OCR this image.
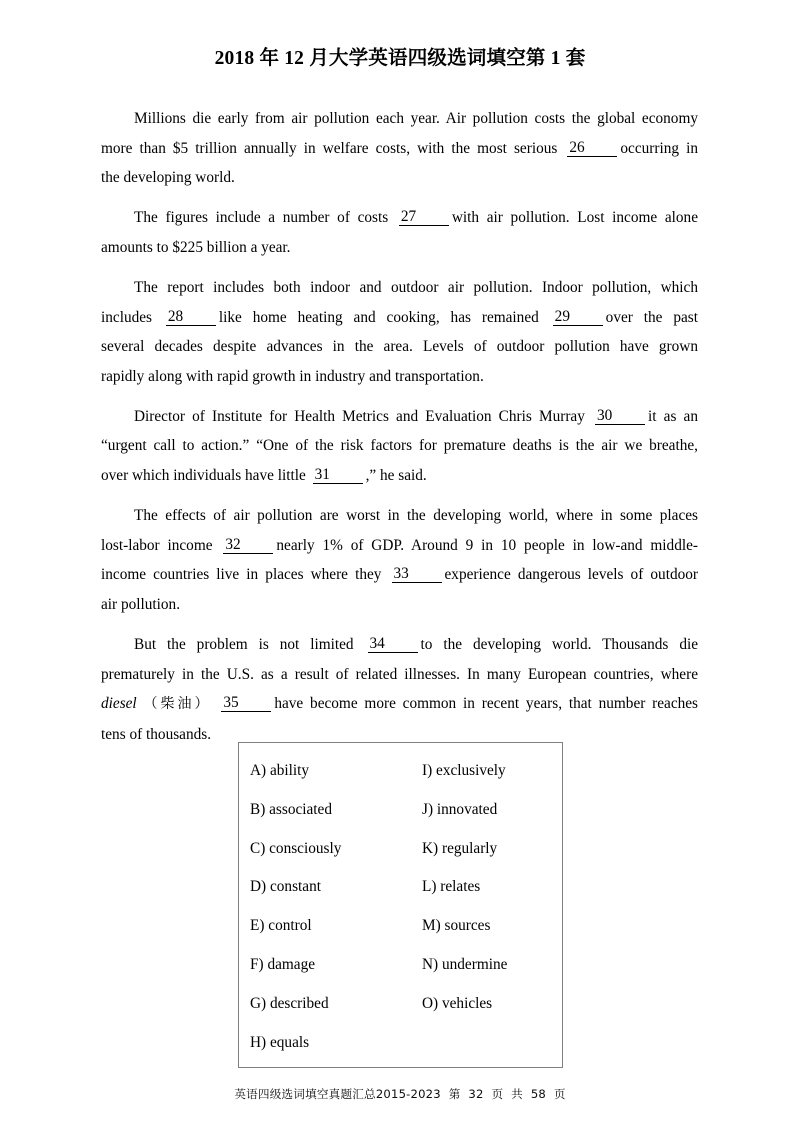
2018 年 12 月大学英语四级选词填空第 1 套
Millions die early from air pollution each year. Air pollution costs the global economy
more than $5 trillion annually in welfare costs, with the most serious 26 occurring in
the developing world.
The figures include a number of costs 27 with air pollution. Lost income alone
amounts to $225 billion a year.
The report includes both indoor and outdoor air pollution. Indoor pollution, which
includes 28 like home heating and cooking, has remained 29 over the past
several decades despite advances in the area. Levels of outdoor pollution have grown
rapidly along with rapid growth in industry and transportation.
Director of Institute for Health Metrics and Evaluation Chris Murray 30 it as an
“urgent call to action.” “One of the risk factors for premature deaths is the air we breathe,
over which individuals have little 31 ,” he said.
The effects of air pollution are worst in the developing world, where in some places
lost-labor income 32 nearly 1% of GDP. Around 9 in 10 people in low-and middle-
income countries live in places where they 33 experience dangerous levels of outdoor
air pollution.
But the problem is not limited 34 to the developing world. Thousands die
prematurely in the U.S. as a result of related illnesses. In many European countries, where
diesel （柴油） 35 have become more common in recent years, that number reaches
tens of thousands.
A) ability	I) exclusively
B) associated	J) innovated
C) consciously	K) regularly
D) constant	L) relates
E) control	M) sources
F) damage	N) undermine
G) described	O) vehicles
H) equals
英语四级选词填空真题汇总2015-2023 第 32 页 共 58 页
